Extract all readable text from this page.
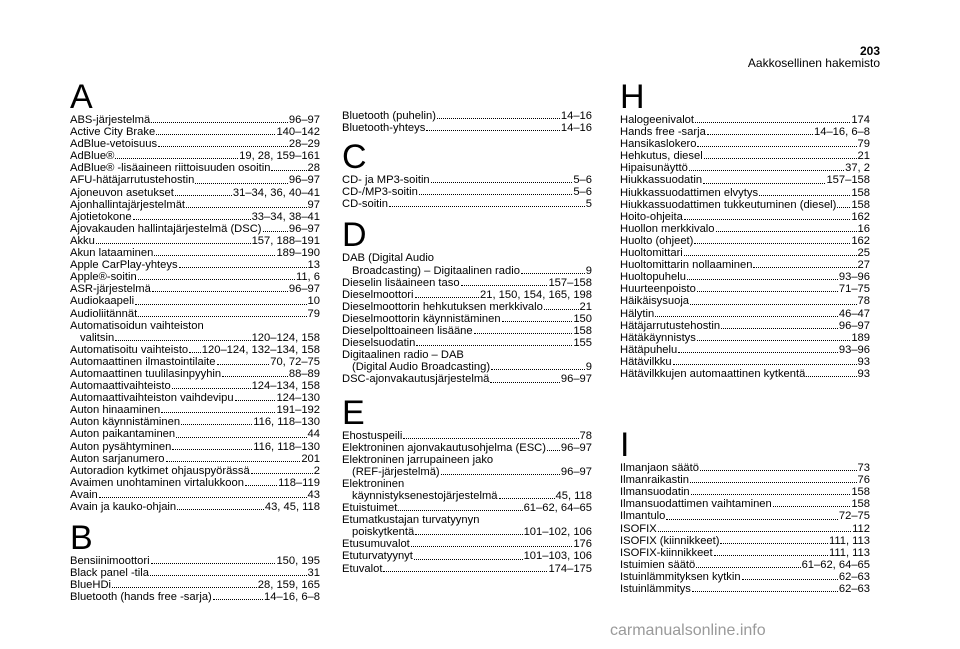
203
Aakkosellinen hakemisto
A
ABS-järjestelmä	96–97
Active City Brake	140–142
AdBlue-vetoisuus	28–29
AdBlue®	19, 28, 159–161
AdBlue® -lisäaineen riittoisuuden osoitin	28
AFU-hätäjarrutustehostin	96–97
Ajoneuvon asetukset	31–34, 36, 40–41
Ajonhallintajärjestelmät	97
Ajotietokone	33–34, 38–41
Ajovakauden hallintajärjestelmä (DSC) 96–97
Akku	157, 188–191
Akun lataaminen	189–190
Apple CarPlay-yhteys	13
Apple®-soitin	11, 6
ASR-järjestelmä	96–97
Audiokaapeli	10
Audioliitännät	79
Automatisoidun vaihteiston
valitsin	120–124, 158
Automatisoitu vaihteisto 120–124, 132–134, 158
Automaattinen ilmastointilaite	70, 72–75
Automaattinen tuulilasinpyyhin	88–89
Automaattivaihteisto	124–134, 158
Automaattivaihteiston vaihdevipu	124–130
Auton hinaaminen	191–192
Auton käynnistäminen	116, 118–130
Auton paikantaminen	44
Auton pysähtyminen	116, 118–130
Auton sarjanumero	201
Autoradion kytkimet ohjauspyörässä	2
Avaimen unohtaminen virtalukkoon	118–119
Avain	43
Avain ja kauko-ohjain	43, 45, 118
B
Bensiinimoottori	150, 195
Black panel -tila	31
BlueHDi	28, 159, 165
Bluetooth (hands free -sarja)	14–16, 6–8
Bluetooth (puhelin)	14–16
Bluetooth-yhteys	14–16
C
CD- ja MP3-soitin	5–6
CD-/MP3-soitin	5–6
CD-soitin	5
D
DAB (Digital Audio
Broadcasting) – Digitaalinen radio	9
Dieselin lisäaineen taso	157–158
Dieselmoottori	21, 150, 154, 165, 198
Dieselmoottorin hehkutuksen merkkivalo	21
Dieselmoottorin käynnistäminen	150
Dieselpolttoaineen lisääne	158
Dieselsuodatin	155
Digitaalinen radio – DAB
(Digital Audio Broadcasting)	9
DSC-ajonvakautusjärjestelmä	96–97
E
Ehostuspeili	78
Elektroninen ajonvakautusohjelma (ESC) 96–97
Elektroninen jarrupaineen jako
(REF-järjestelmä)	96–97
Elektroninen
käynnistyksenestojärjestelmä	45, 118
Etuistuimet	61–62, 64–65
Etumatkustajan turvatyynyn
poiskytkentä	101–102, 106
Etusumuvalot	176
Etuturvatyynyt	101–103, 106
Etuvalot	174–175
H
Halogeenivalot	174
Hands free -sarja	14–16, 6–8
Hansikaslokero	79
Hehkutus, diesel	21
Hipaisunäyttö	37, 2
Hiukkassuodatin	157–158
Hiukkassuodattimen elvytys	158
Hiukkassuodattimen tukkeutuminen (diesel) 158
Hoito-ohjeita	162
Huollon merkkivalo	16
Huolto (ohjeet)	162
Huoltomittari	25
Huoltomittarin nollaaminen	27
Huoltopuhelu	93–96
Huurteenpoisto	71–75
Häikäisysuoja	78
Hälytin	46–47
Hätäjarrutustehostin	96–97
Hätäkäynnistys	189
Hätäpuhelu	93–96
Hätävilkku	93
Hätävilkkujen automaattinen kytkentä	93
I
Ilmanjaon säätö	73
Ilmanraikastin	76
Ilmansuodatin	158
Ilmansuodattimen vaihtaminen	158
Ilmantulo	72–75
ISOFIX	112
ISOFIX (kiinnikkeet)	111, 113
ISOFIX-kiinnikkeet	111, 113
Istuimien säätö	61–62, 64–65
Istuinlämmityksen kytkin	62–63
Istuinlämmitys	62–63
carmanualsonline.info
